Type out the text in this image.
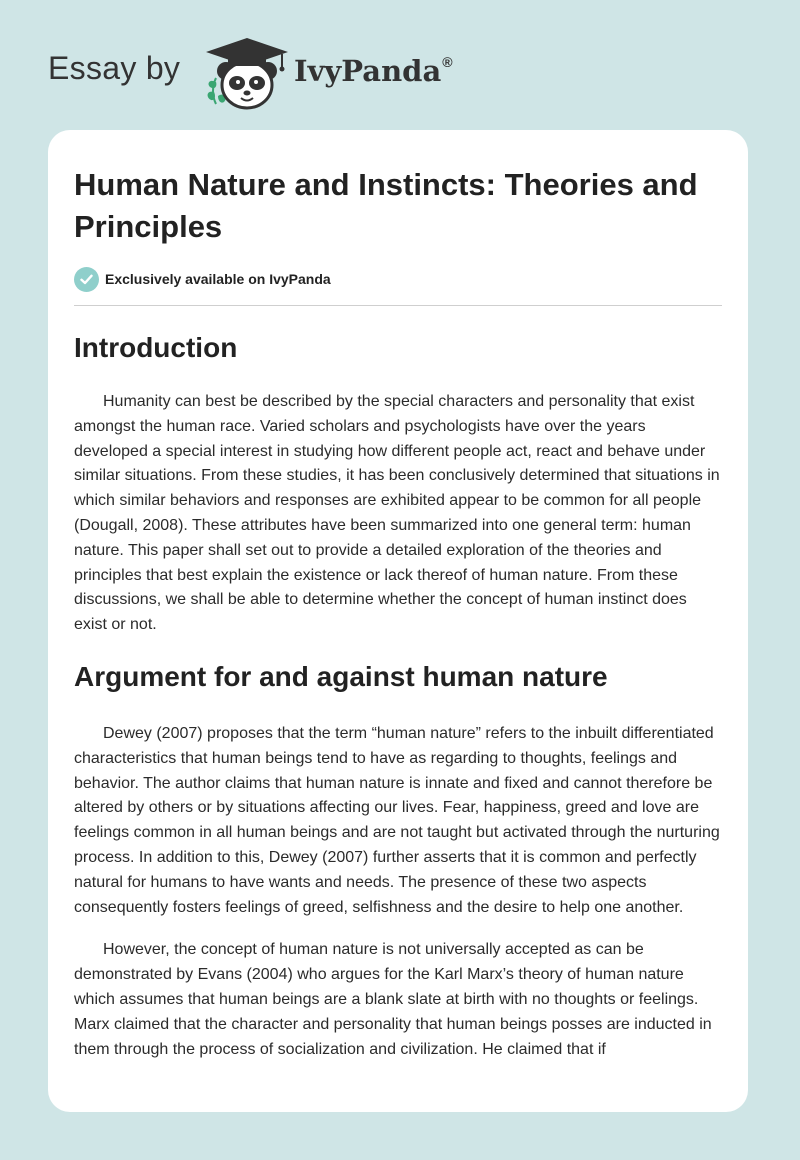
Essay by	IvyPanda®
Human Nature and Instincts: Theories and Principles
Exclusively available on IvyPanda
Introduction

Humanity can best be described by the special characters and personality that exist amongst the human race. Varied scholars and psychologists have over the years developed a special interest in studying how different people act, react and behave under similar situations. From these studies, it has been conclusively determined that situations in which similar behaviors and responses are exhibited appear to be common for all people (Dougall, 2008). These attributes have been summarized into one general term: human nature. This paper shall set out to provide a detailed exploration of the theories and principles that best explain the existence or lack thereof of human nature. From these discussions, we shall be able to determine whether the concept of human instinct does exist or not.

Argument for and against human nature

Dewey (2007) proposes that the term “human nature” refers to the inbuilt differentiated characteristics that human beings tend to have as regarding to thoughts, feelings and behavior. The author claims that human nature is innate and fixed and cannot therefore be altered by others or by situations affecting our lives. Fear, happiness, greed and love are feelings common in all human beings and are not taught but activated through the nurturing process. In addition to this, Dewey (2007) further asserts that it is common and perfectly natural for humans to have wants and needs. The presence of these two aspects consequently fosters feelings of greed, selfishness and the desire to help one another.

However, the concept of human nature is not universally accepted as can be demonstrated by Evans (2004) who argues for the Karl Marx’s theory of human nature which assumes that human beings are a blank slate at birth with no thoughts or feelings. Marx claimed that the character and personality that human beings posses are inducted in them through the process of socialization and civilization. He claimed that if
